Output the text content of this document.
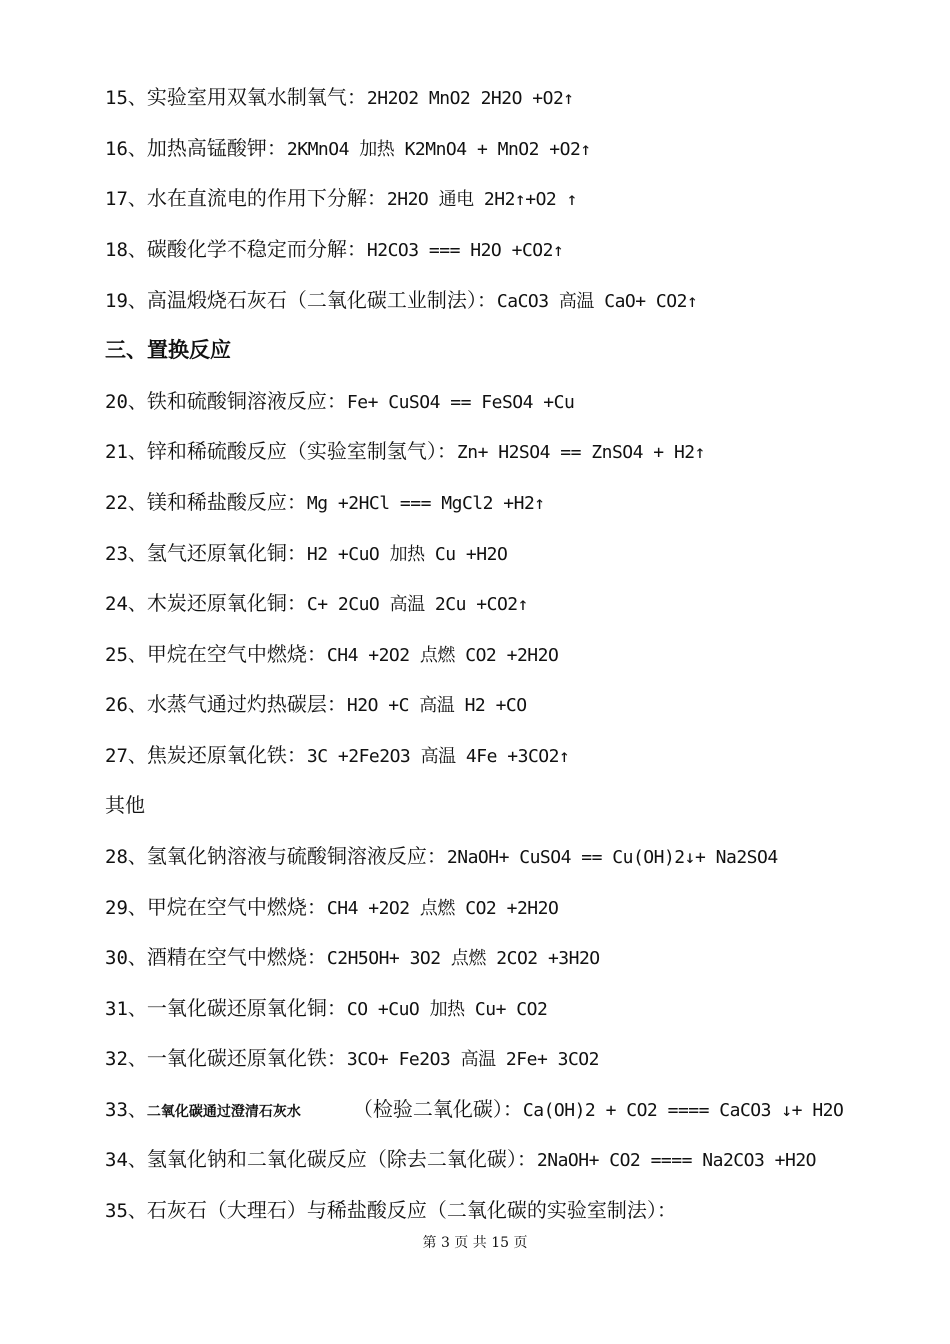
15、实验室用双氧水制氧气：2H2O2 MnO2 2H2O +O2↑
16、加热高锰酸钾：2KMnO4 加热 K2MnO4 + MnO2 +O2↑
17、水在直流电的作用下分解：2H2O 通电 2H2↑+O2 ↑
18、碳酸化学不稳定而分解：H2CO3 === H2O +CO2↑
19、高温煅烧石灰石（二氧化碳工业制法）：CaCO3 高温 CaO+ CO2↑
三、置换反应
20、铁和硫酸铜溶液反应：Fe+ CuSO4 == FeSO4 +Cu
21、锌和稀硫酸反应（实验室制氢气）：Zn+ H2SO4 == ZnSO4 + H2↑
22、镁和稀盐酸反应：Mg +2HCl === MgCl2 +H2↑
23、氢气还原氧化铜：H2 +CuO 加热 Cu +H2O
24、木炭还原氧化铜：C+ 2CuO 高温 2Cu +CO2↑
25、甲烷在空气中燃烧：CH4 +2O2 点燃 CO2 +2H2O
26、水蒸气通过灼热碳层：H2O +C 高温 H2 +CO
27、焦炭还原氧化铁：3C +2Fe2O3 高温 4Fe +3CO2↑
其他
28、氢氧化钠溶液与硫酸铜溶液反应：2NaOH+ CuSO4 == Cu(OH)2↓+ Na2SO4
29、甲烷在空气中燃烧：CH4 +2O2 点燃 CO2 +2H2O
30、酒精在空气中燃烧：C2H5OH+ 3O2 点燃 2CO2 +3H2O
31、一氧化碳还原氧化铜：CO +CuO 加热 Cu+ CO2
32、一氧化碳还原氧化铁：3CO+ Fe2O3 高温 2Fe+ 3CO2
33、二氧化碳通过澄清石灰水	（检验二氧化碳）：Ca(OH)2 + CO2 ==== CaCO3 ↓+ H2O
34、氢氧化钠和二氧化碳反应（除去二氧化碳）：2NaOH+ CO2 ==== Na2CO3 +H2O
35、石灰石（大理石）与稀盐酸反应（二氧化碳的实验室制法）：
第 3 页 共 15 页
